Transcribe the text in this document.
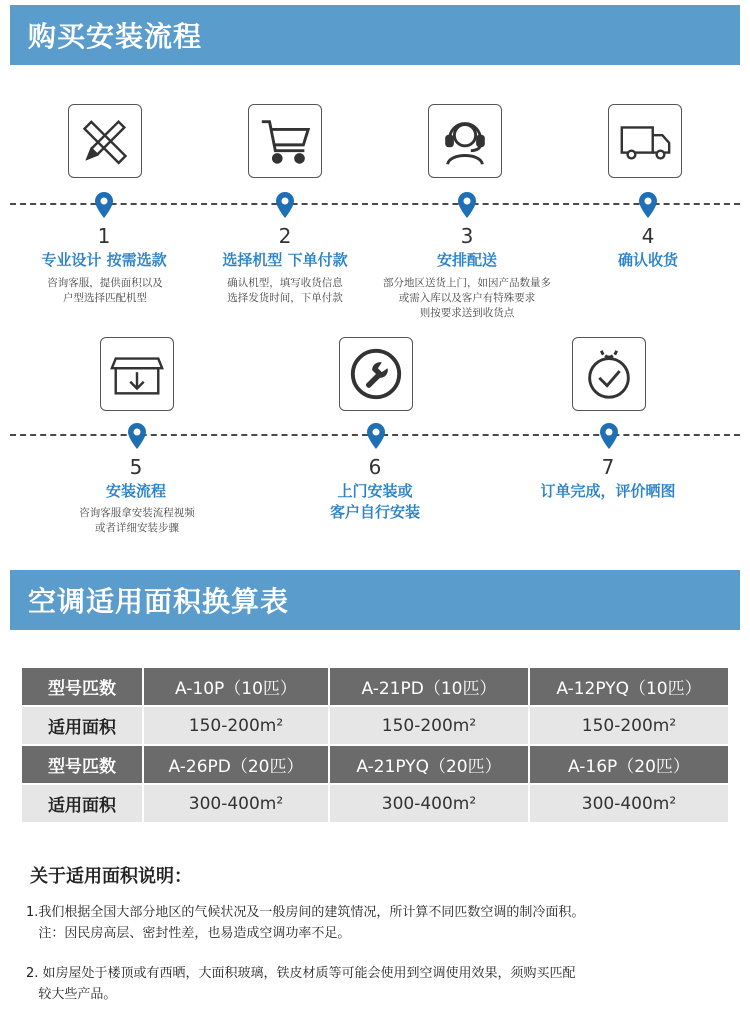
购买安装流程
1
专业设计 按需选款
咨询客服，提供面积以及
户型选择匹配机型
2
选择机型 下单付款
确认机型，填写收货信息
选择发货时间，下单付款
3
安排配送
部分地区送货上门，如因产品数量多
或需入库以及客户有特殊要求
则按要求送到收货点
4
确认收货
5
安装流程
咨询客服拿安装流程视频
或者详细安装步骤
6
上门安装或
客户自行安装
7
订单完成，评价晒图
空调适用面积换算表
型号匹数	A-10P（10匹）	A-21PD（10匹）	A-12PYQ（10匹）
适用面积	150-200m²	150-200m²	150-200m²
型号匹数	A-26PD（20匹）	A-21PYQ（20匹）	A-16P（20匹）
适用面积	300-400m²	300-400m²	300-400m²
关于适用面积说明：
1.我们根据全国大部分地区的气候状况及一般房间的建筑情况，所计算不同匹数空调的制冷面积。
注：因民房高层、密封性差，也易造成空调功率不足。
2. 如房屋处于楼顶或有西晒，大面积玻璃，铁皮材质等可能会使用到空调使用效果，须购买匹配
较大些产品。
